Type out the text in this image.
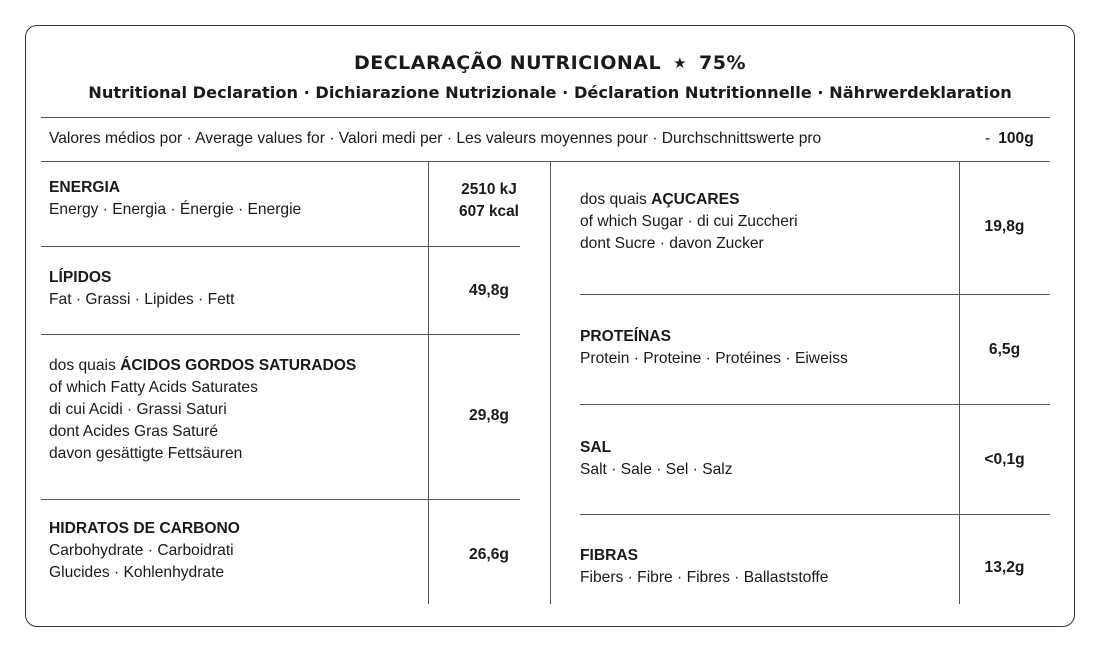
DECLARAÇÃO NUTRICIONAL ★ 75%
Nutritional Declaration · Dichiarazione Nutrizionale · Déclaration Nutritionnelle · Nährwerdeklaration
Valores médios por · Average values for · Valori medi per · Les valeurs moyennes pour · Durchschnittswerte pro	- 100g
ENERGIA
Energy · Energia · Énergie · Energie
2510 kJ
607 kcal
LÍPIDOS
Fat · Grassi · Lipides · Fett
49,8g
dos quais ÁCIDOS GORDOS SATURADOS
of which Fatty Acids Saturates
di cui Acidi · Grassi Saturi
dont Acides Gras Saturé
davon gesättigte Fettsäuren
29,8g
HIDRATOS DE CARBONO
Carbohydrate · Carboidrati
Glucides · Kohlenhydrate
26,6g
dos quais AÇUCARES
of which Sugar · di cui Zuccheri
dont Sucre · davon Zucker
19,8g
PROTEÍNAS
Protein · Proteine · Protéines · Eiweiss
6,5g
SAL
Salt · Sale · Sel · Salz
<0,1g
FIBRAS
Fibers · Fibre · Fibres · Ballaststoffe
13,2g
